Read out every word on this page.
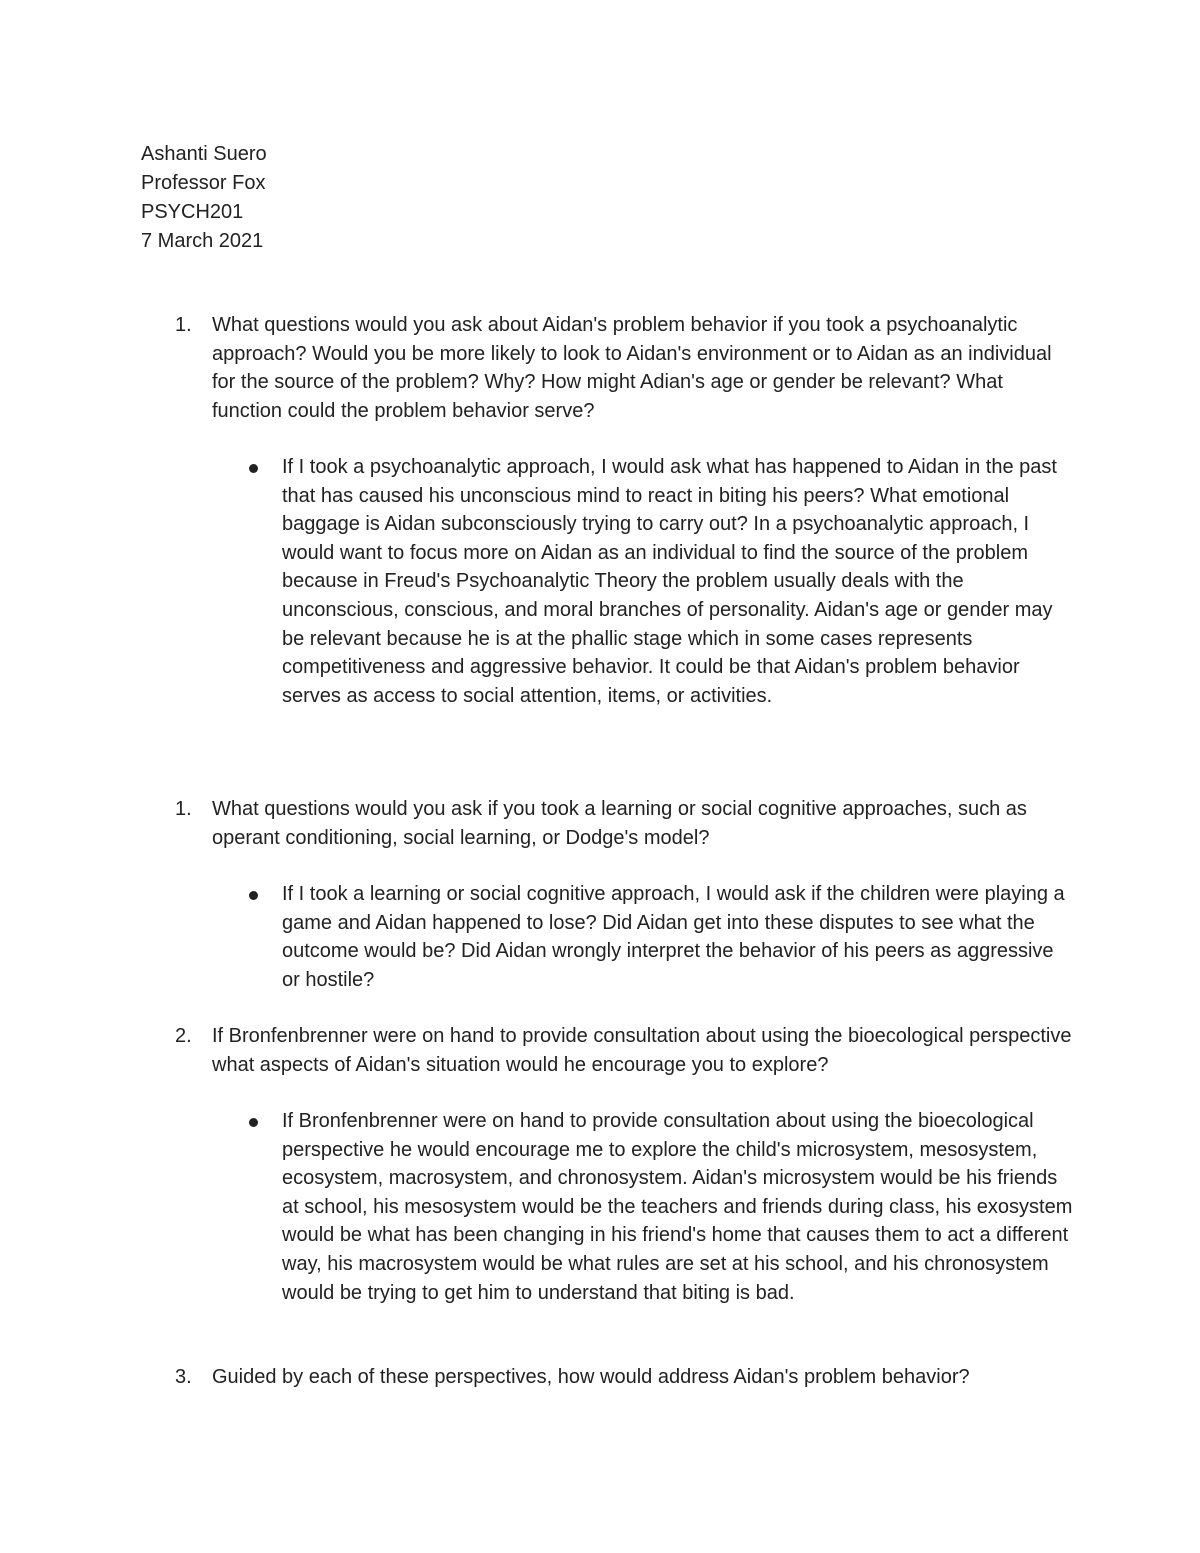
Ashanti Suero
Professor Fox
PSYCH201
7 March 2021
1.	What questions would you ask about Aidan's problem behavior if you took a psychoanalytic approach? Would you be more likely to look to Aidan's environment or to Aidan as an individual for the source of the problem? Why? How might Adian's age or gender be relevant? What function could the problem behavior serve?
If I took a psychoanalytic approach, I would ask what has happened to Aidan in the past that has caused his unconscious mind to react in biting his peers? What emotional baggage is Aidan subconsciously trying to carry out? In a psychoanalytic approach, I would want to focus more on Aidan as an individual to find the source of the problem because in Freud's Psychoanalytic Theory the problem usually deals with the unconscious, conscious, and moral branches of personality. Aidan's age or gender may be relevant because he is at the phallic stage which in some cases represents competitiveness and aggressive behavior. It could be that Aidan's problem behavior serves as access to social attention, items, or activities.
1.	What questions would you ask if you took a learning or social cognitive approaches, such as operant conditioning, social learning, or Dodge's model?
If I took a learning or social cognitive approach, I would ask if the children were playing a game and Aidan happened to lose? Did Aidan get into these disputes to see what the outcome would be? Did Aidan wrongly interpret the behavior of his peers as aggressive or hostile?
2.	If Bronfenbrenner were on hand to provide consultation about using the bioecological perspective what aspects of Aidan's situation would he encourage you to explore?
If Bronfenbrenner were on hand to provide consultation about using the bioecological perspective he would encourage me to explore the child's microsystem, mesosystem, ecosystem, macrosystem, and chronosystem. Aidan's microsystem would be his friends at school, his mesosystem would be the teachers and friends during class, his exosystem would be what has been changing in his friend's home that causes them to act a different way, his macrosystem would be what rules are set at his school, and his chronosystem would be trying to get him to understand that biting is bad.
3.	Guided by each of these perspectives, how would address Aidan's problem behavior?
